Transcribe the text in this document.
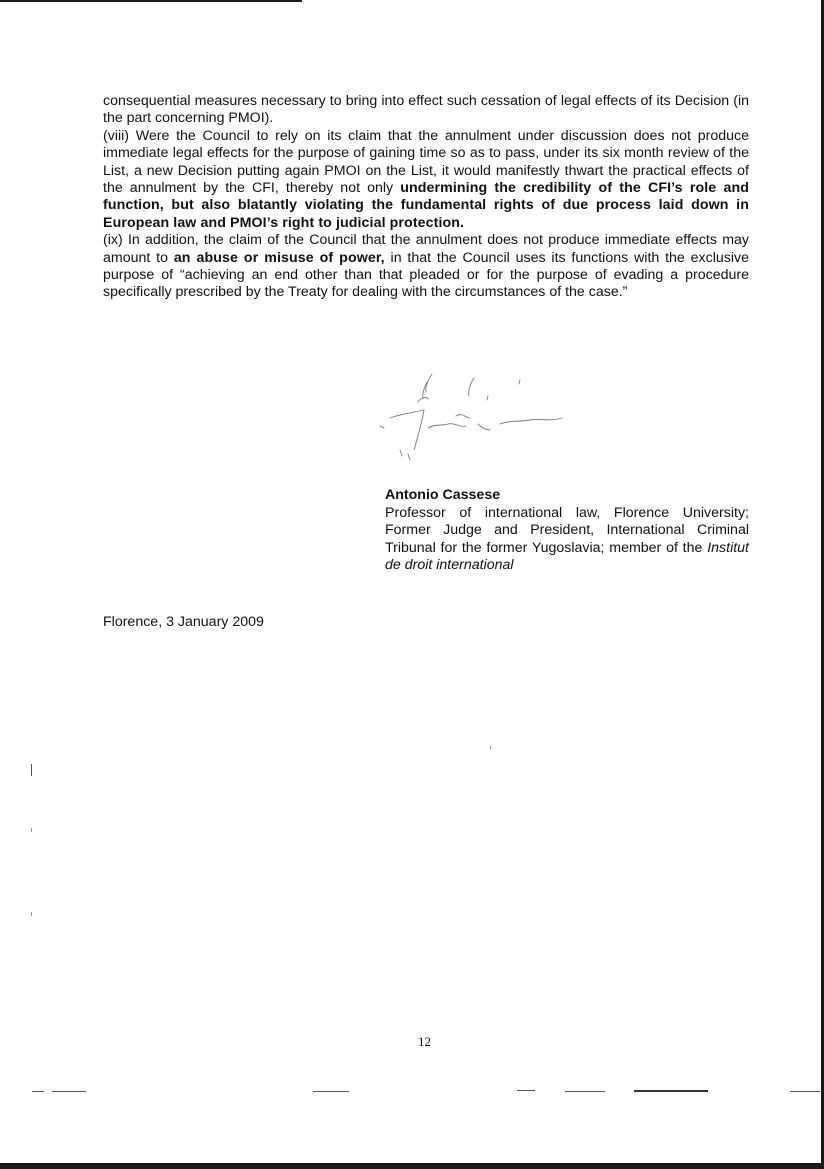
consequential measures necessary to bring into effect such cessation of legal effects of its Decision (in the part concerning PMOI).

(viii) Were the Council to rely on its claim that the annulment under discussion does not produce immediate legal effects for the purpose of gaining time so as to pass, under its six month review of the List, a new Decision putting again PMOI on the List, it would manifestly thwart the practical effects of the annulment by the CFI, thereby not only undermining the credibility of the CFI’s role and function, but also blatantly violating the fundamental rights of due process laid down in European law and PMOI’s right to judicial protection.

(ix) In addition, the claim of the Council that the annulment does not produce immediate effects may amount to an abuse or misuse of power, in that the Council uses its functions with the exclusive purpose of “achieving an end other than that pleaded or for the purpose of evading a procedure specifically prescribed by the Treaty for dealing with the circumstances of the case.”

Antonio Cassese

Professor of international law, Florence University; Former Judge and President, International Criminal Tribunal for the former Yugoslavia; member of the Institut de droit international

Florence, 3 January 2009
12
